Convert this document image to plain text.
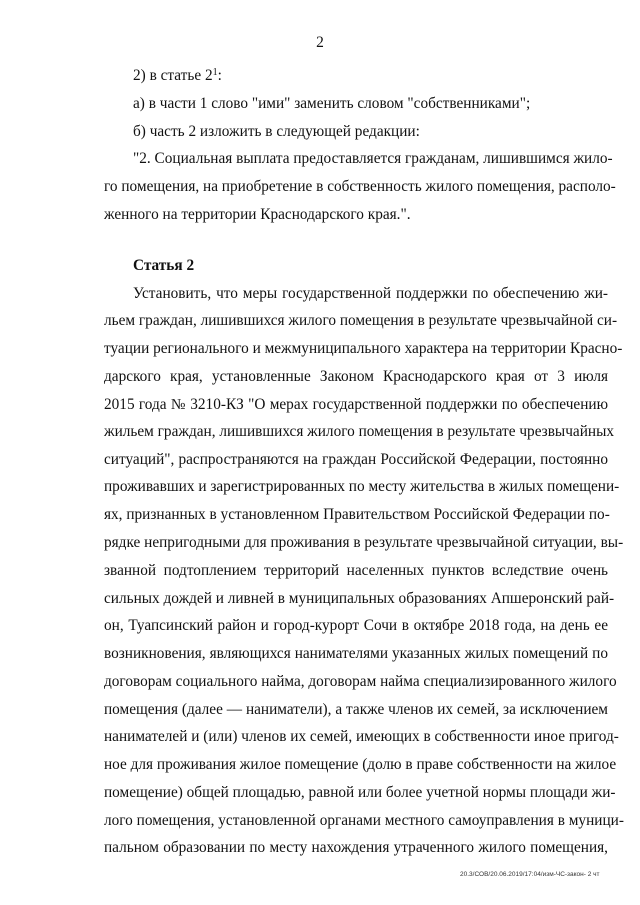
2
2) в статье $2^1$:
а) в части 1 слово "ими" заменить словом "собственниками";
б) часть 2 изложить в следующей редакции:
"2. Социальная выплата предоставляется гражданам, лишившимся жило-
го помещения, на приобретение в собственность жилого помещения, располо-
женного на территории Краснодарского края.".
Статья 2
Установить, что меры государственной поддержки по обеспечению жи-
льем граждан, лишившихся жилого помещения в результате чрезвычайной си-
туации регионального и межмуниципального характера на территории Красно-
дарского края, установленные Законом Краснодарского края от 3 июля
2015 года № 3210-КЗ "О мерах государственной поддержки по обеспечению
жильем граждан, лишившихся жилого помещения в результате чрезвычайных
ситуаций", распространяются на граждан Российской Федерации, постоянно
проживавших и зарегистрированных по месту жительства в жилых помещени-
ях, признанных в установленном Правительством Российской Федерации по-
рядке непригодными для проживания в результате чрезвычайной ситуации, вы-
званной подтоплением территорий населенных пунктов вследствие очень
сильных дождей и ливней в муниципальных образованиях Апшеронский рай-
он, Туапсинский район и город-курорт Сочи в октябре 2018 года, на день ее
возникновения, являющихся нанимателями указанных жилых помещений по
договорам социального найма, договорам найма специализированного жилого
помещения (далее — наниматели), а также членов их семей, за исключением
нанимателей и (или) членов их семей, имеющих в собственности иное пригод-
ное для проживания жилое помещение (долю в праве собственности на жилое
помещение) общей площадью, равной или более учетной нормы площади жи-
лого помещения, установленной органами местного самоуправления в муници-
пальном образовании по месту нахождения утраченного жилого помещения,
20.3/СОВ/20.06.2019/17:04/изм-ЧС-закон- 2 чт
